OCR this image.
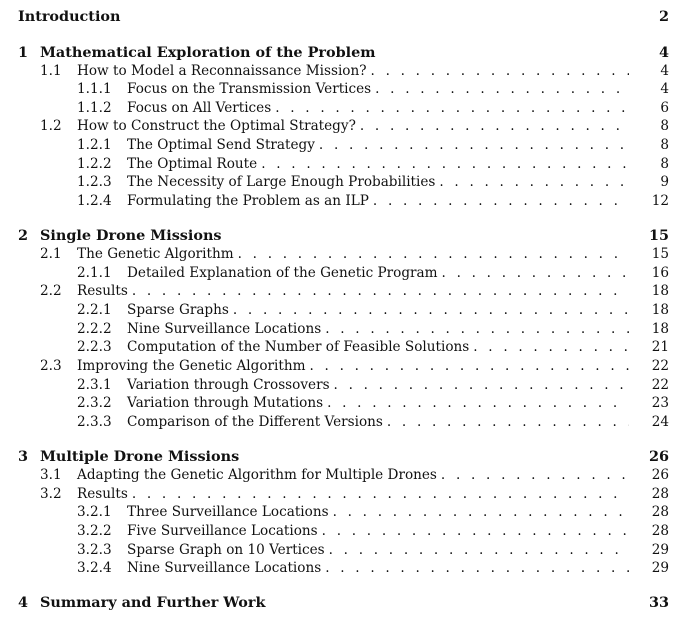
Introduction	2
1 Mathematical Exploration of the Problem	4
1.1 How to Model a Reconnaissance Mission? . . .	4
1.1.1 Focus on the Transmission Vertices . . .	4
1.1.2 Focus on All Vertices . . .	6
1.2 How to Construct the Optimal Strategy? . . .	8
1.2.1 The Optimal Send Strategy . . .	8
1.2.2 The Optimal Route . . .	8
1.2.3 The Necessity of Large Enough Probabilities . . .	9
1.2.4 Formulating the Problem as an ILP . . .	12
2 Single Drone Missions	15
2.1 The Genetic Algorithm . . .	15
2.1.1 Detailed Explanation of the Genetic Program . . .	16
2.2 Results . . .	18
2.2.1 Sparse Graphs . . .	18
2.2.2 Nine Surveillance Locations . . .	18
2.2.3 Computation of the Number of Feasible Solutions . . .	21
2.3 Improving the Genetic Algorithm . . .	22
2.3.1 Variation through Crossovers . . .	22
2.3.2 Variation through Mutations . . .	23
2.3.3 Comparison of the Different Versions . . .	24
3 Multiple Drone Missions	26
3.1 Adapting the Genetic Algorithm for Multiple Drones . . .	26
3.2 Results . . .	28
3.2.1 Three Surveillance Locations . . .	28
3.2.2 Five Surveillance Locations . . .	28
3.2.3 Sparse Graph on 10 Vertices . . .	29
3.2.4 Nine Surveillance Locations . . .	29
4 Summary and Further Work	33
